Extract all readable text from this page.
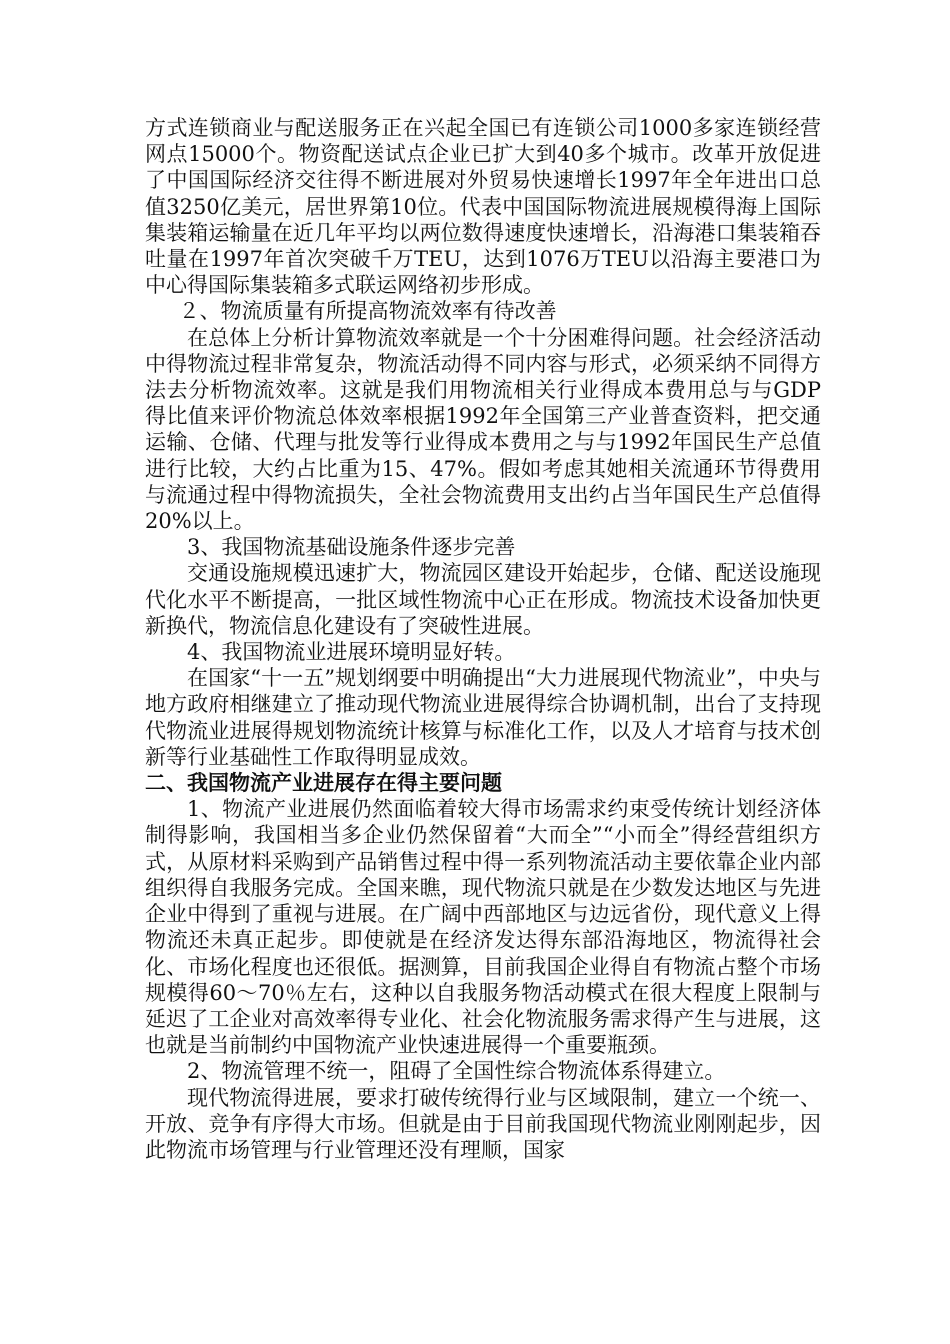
方式连锁商业与配送服务正在兴起全国已有连锁公司1000多家连锁经营网点15000个。物资配送试点企业已扩大到40多个城市。改革开放促进了中国国际经济交往得不断进展对外贸易快速增长1997年全年进出口总值3250亿美元，居世界第10位。代表中国国际物流进展规模得海上国际集装箱运输量在近几年平均以两位数得速度快速增长，沿海港口集装箱吞吐量在1997年首次突破千万TEU，达到1076万TEU以沿海主要港口为中心得国际集装箱多式联运网络初步形成。

２、物流质量有所提高物流效率有待改善

在总体上分析计算物流效率就是一个十分困难得问题。社会经济活动中得物流过程非常复杂，物流活动得不同内容与形式，必须采纳不同得方法去分析物流效率。这就是我们用物流相关行业得成本费用总与与GDP得比值来评价物流总体效率根据1992年全国第三产业普查资料，把交通运输、仓储、代理与批发等行业得成本费用之与与1992年国民生产总值进行比较，大约占比重为15、47%。假如考虑其她相关流通环节得费用与流通过程中得物流损失，全社会物流费用支出约占当年国民生产总值得20%以上。

3、我国物流基础设施条件逐步完善

交通设施规模迅速扩大，物流园区建设开始起步，仓储、配送设施现代化水平不断提高，一批区域性物流中心正在形成。物流技术设备加快更新换代，物流信息化建设有了突破性进展。

4、我国物流业进展环境明显好转。

在国家“十一五”规划纲要中明确提出“大力进展现代物流业”，中央与地方政府相继建立了推动现代物流业进展得综合协调机制，出台了支持现代物流业进展得规划物流统计核算与标准化工作，以及人才培育与技术创新等行业基础性工作取得明显成效。

二、我国物流产业进展存在得主要问题

1、物流产业进展仍然面临着较大得市场需求约束受传统计划经济体制得影响，我国相当多企业仍然保留着“大而全”“小而全”得经营组织方式，从原材料采购到产品销售过程中得一系列物流活动主要依靠企业内部组织得自我服务完成。全国来瞧，现代物流只就是在少数发达地区与先进企业中得到了重视与进展。在广阔中西部地区与边远省份，现代意义上得物流还未真正起步。即使就是在经济发达得东部沿海地区，物流得社会化、市场化程度也还很低。据测算，目前我国企业得自有物流占整个市场规模得60～70％左右，这种以自我服务物活动模式在很大程度上限制与延迟了工企业对高效率得专业化、社会化物流服务需求得产生与进展，这也就是当前制约中国物流产业快速进展得一个重要瓶颈。

2、物流管理不统一，阻碍了全国性综合物流体系得建立。

现代物流得进展，要求打破传统得行业与区域限制，建立一个统一、开放、竞争有序得大市场。但就是由于目前我国现代物流业刚刚起步，因此物流市场管理与行业管理还没有理顺，国家
